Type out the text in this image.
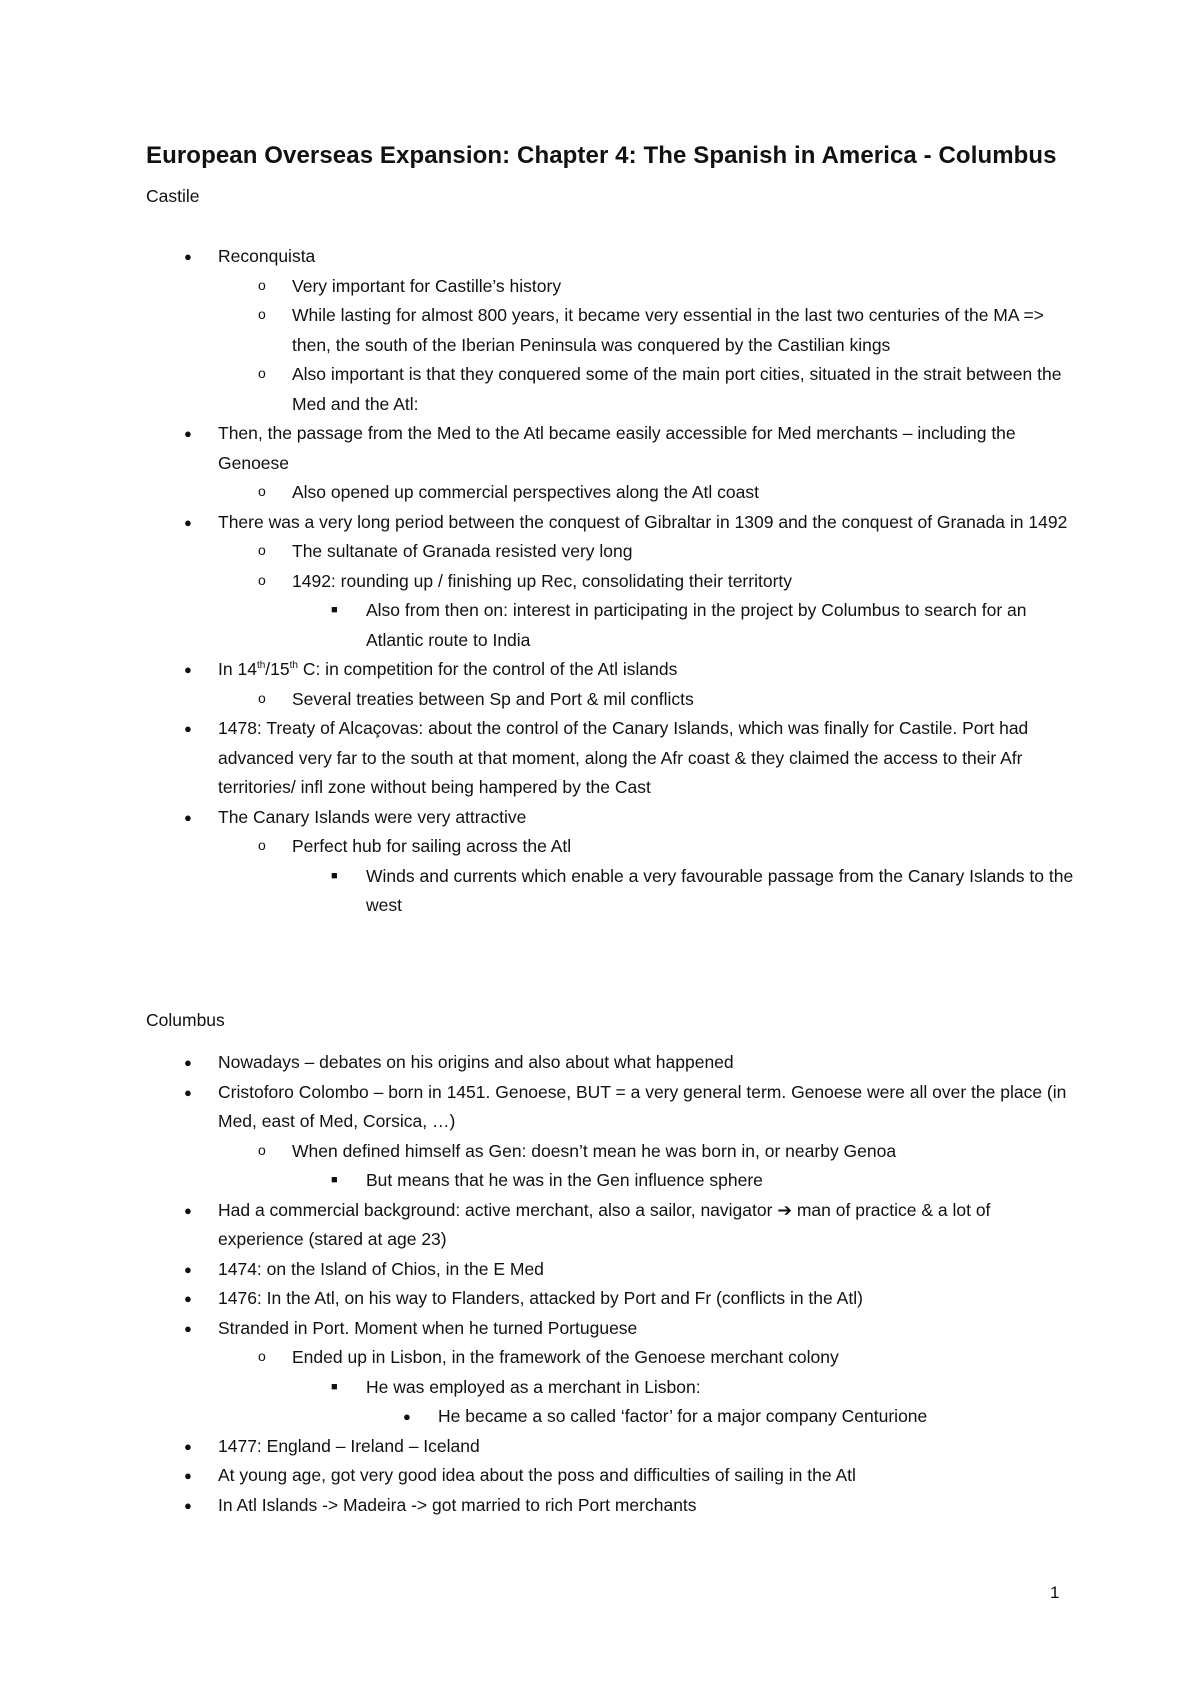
European Overseas Expansion: Chapter 4: The Spanish in America - Columbus

Castile

● Reconquista
o Very important for Castille’s history
o While lasting for almost 800 years, it became very essential in the last two centuries of the MA => then, the south of the Iberian Peninsula was conquered by the Castilian kings
o Also important is that they conquered some of the main port cities, situated in the strait between the Med and the Atl:
● Then, the passage from the Med to the Atl became easily accessible for Med merchants – including the Genoese
o Also opened up commercial perspectives along the Atl coast
● There was a very long period between the conquest of Gibraltar in 1309 and the conquest of Granada in 1492
o The sultanate of Granada resisted very long
o 1492: rounding up / finishing up Rec, consolidating their territorty
■ Also from then on: interest in participating in the project by Columbus to search for an Atlantic route to India
● In 14th/15th C: in competition for the control of the Atl islands
o Several treaties between Sp and Port & mil conflicts
● 1478: Treaty of Alcaçovas: about the control of the Canary Islands, which was finally for Castile. Port had advanced very far to the south at that moment, along the Afr coast & they claimed the access to their Afr territories/ infl zone without being hampered by the Cast
● The Canary Islands were very attractive
o Perfect hub for sailing across the Atl
■ Winds and currents which enable a very favourable passage from the Canary Islands to the west

Columbus

● Nowadays – debates on his origins and also about what happened
● Cristoforo Colombo – born in 1451. Genoese, BUT = a very general term. Genoese were all over the place (in Med, east of Med, Corsica, …)
o When defined himself as Gen: doesn’t mean he was born in, or nearby Genoa
■ But means that he was in the Gen influence sphere
● Had a commercial background: active merchant, also a sailor, navigator ➔ man of practice & a lot of experience (stared at age 23)
● 1474: on the Island of Chios, in the E Med
● 1476: In the Atl, on his way to Flanders, attacked by Port and Fr (conflicts in the Atl)
● Stranded in Port. Moment when he turned Portuguese
o Ended up in Lisbon, in the framework of the Genoese merchant colony
■ He was employed as a merchant in Lisbon:
● He became a so called ‘factor’ for a major company Centurione
● 1477: England – Ireland – Iceland
● At young age, got very good idea about the poss and difficulties of sailing in the Atl
● In Atl Islands -> Madeira -> got married to rich Port merchants
1
